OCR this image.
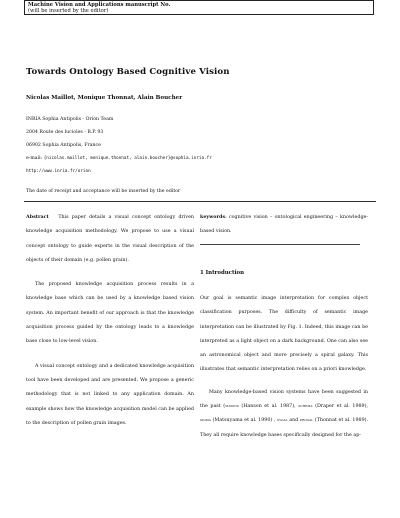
Machine Vision and Applications manuscript No.
(will be inserted by the editor)
Towards Ontology Based Cognitive Vision
Nicolas Maillot, Monique Thonnat, Alain Boucher
INRIA Sophia Antipolis - Orion Team
2004 Route des lucioles - B.P. 93
06902 Sophia Antipolis, France
e-mail: {nicolas.maillot, monique.thonnat, alain.boucher}@sophia.inria.fr
http://www.inria.fr/orion
The date of receipt and acceptance will be inserted by the editor

Abstract This paper details a visual concept ontology driven knowledge acquisition methodology. We propose to use a visual concept ontology to guide experts in the visual description of the objects of their domain (e.g. pollen grain).

The proposed knowledge acquisition process results in a knowledge base which can be used by a knowledge based vision system. An important benefit of our approach is that the knowledge acquisition process guided by the ontology leads to a knowledge base close to low-level vision.

A visual concept ontology and a dedicated knowledge acquisition tool have been developed and are presented. We propose a generic methodology that is not linked to any application domain. An example shows how the knowledge acquisition model can be applied to the description of pollen grain images.

keywords: cognitive vision – ontological engineering – knowledge-based vision.

1 Introduction

Our goal is semantic image interpretation for complex object classification purposes. The difficulty of semantic image interpretation can be illustrated by Fig. 1. Indeed, this image can be interpreted as a light object on a dark background. One can also see an astronomical object and more precisely a spiral galaxy. This illustrates that semantic interpretation relies on a priori knowledge.

Many knowledge-based vision systems have been suggested in the past (visions (Hanson et al. 1987), schema (Draper et al. 1989), sigma (Matsuyama et al. 1990) , sygal and progal (Thonnat et al. 1989). They all require knowledge bases specifically designed for the ap-
